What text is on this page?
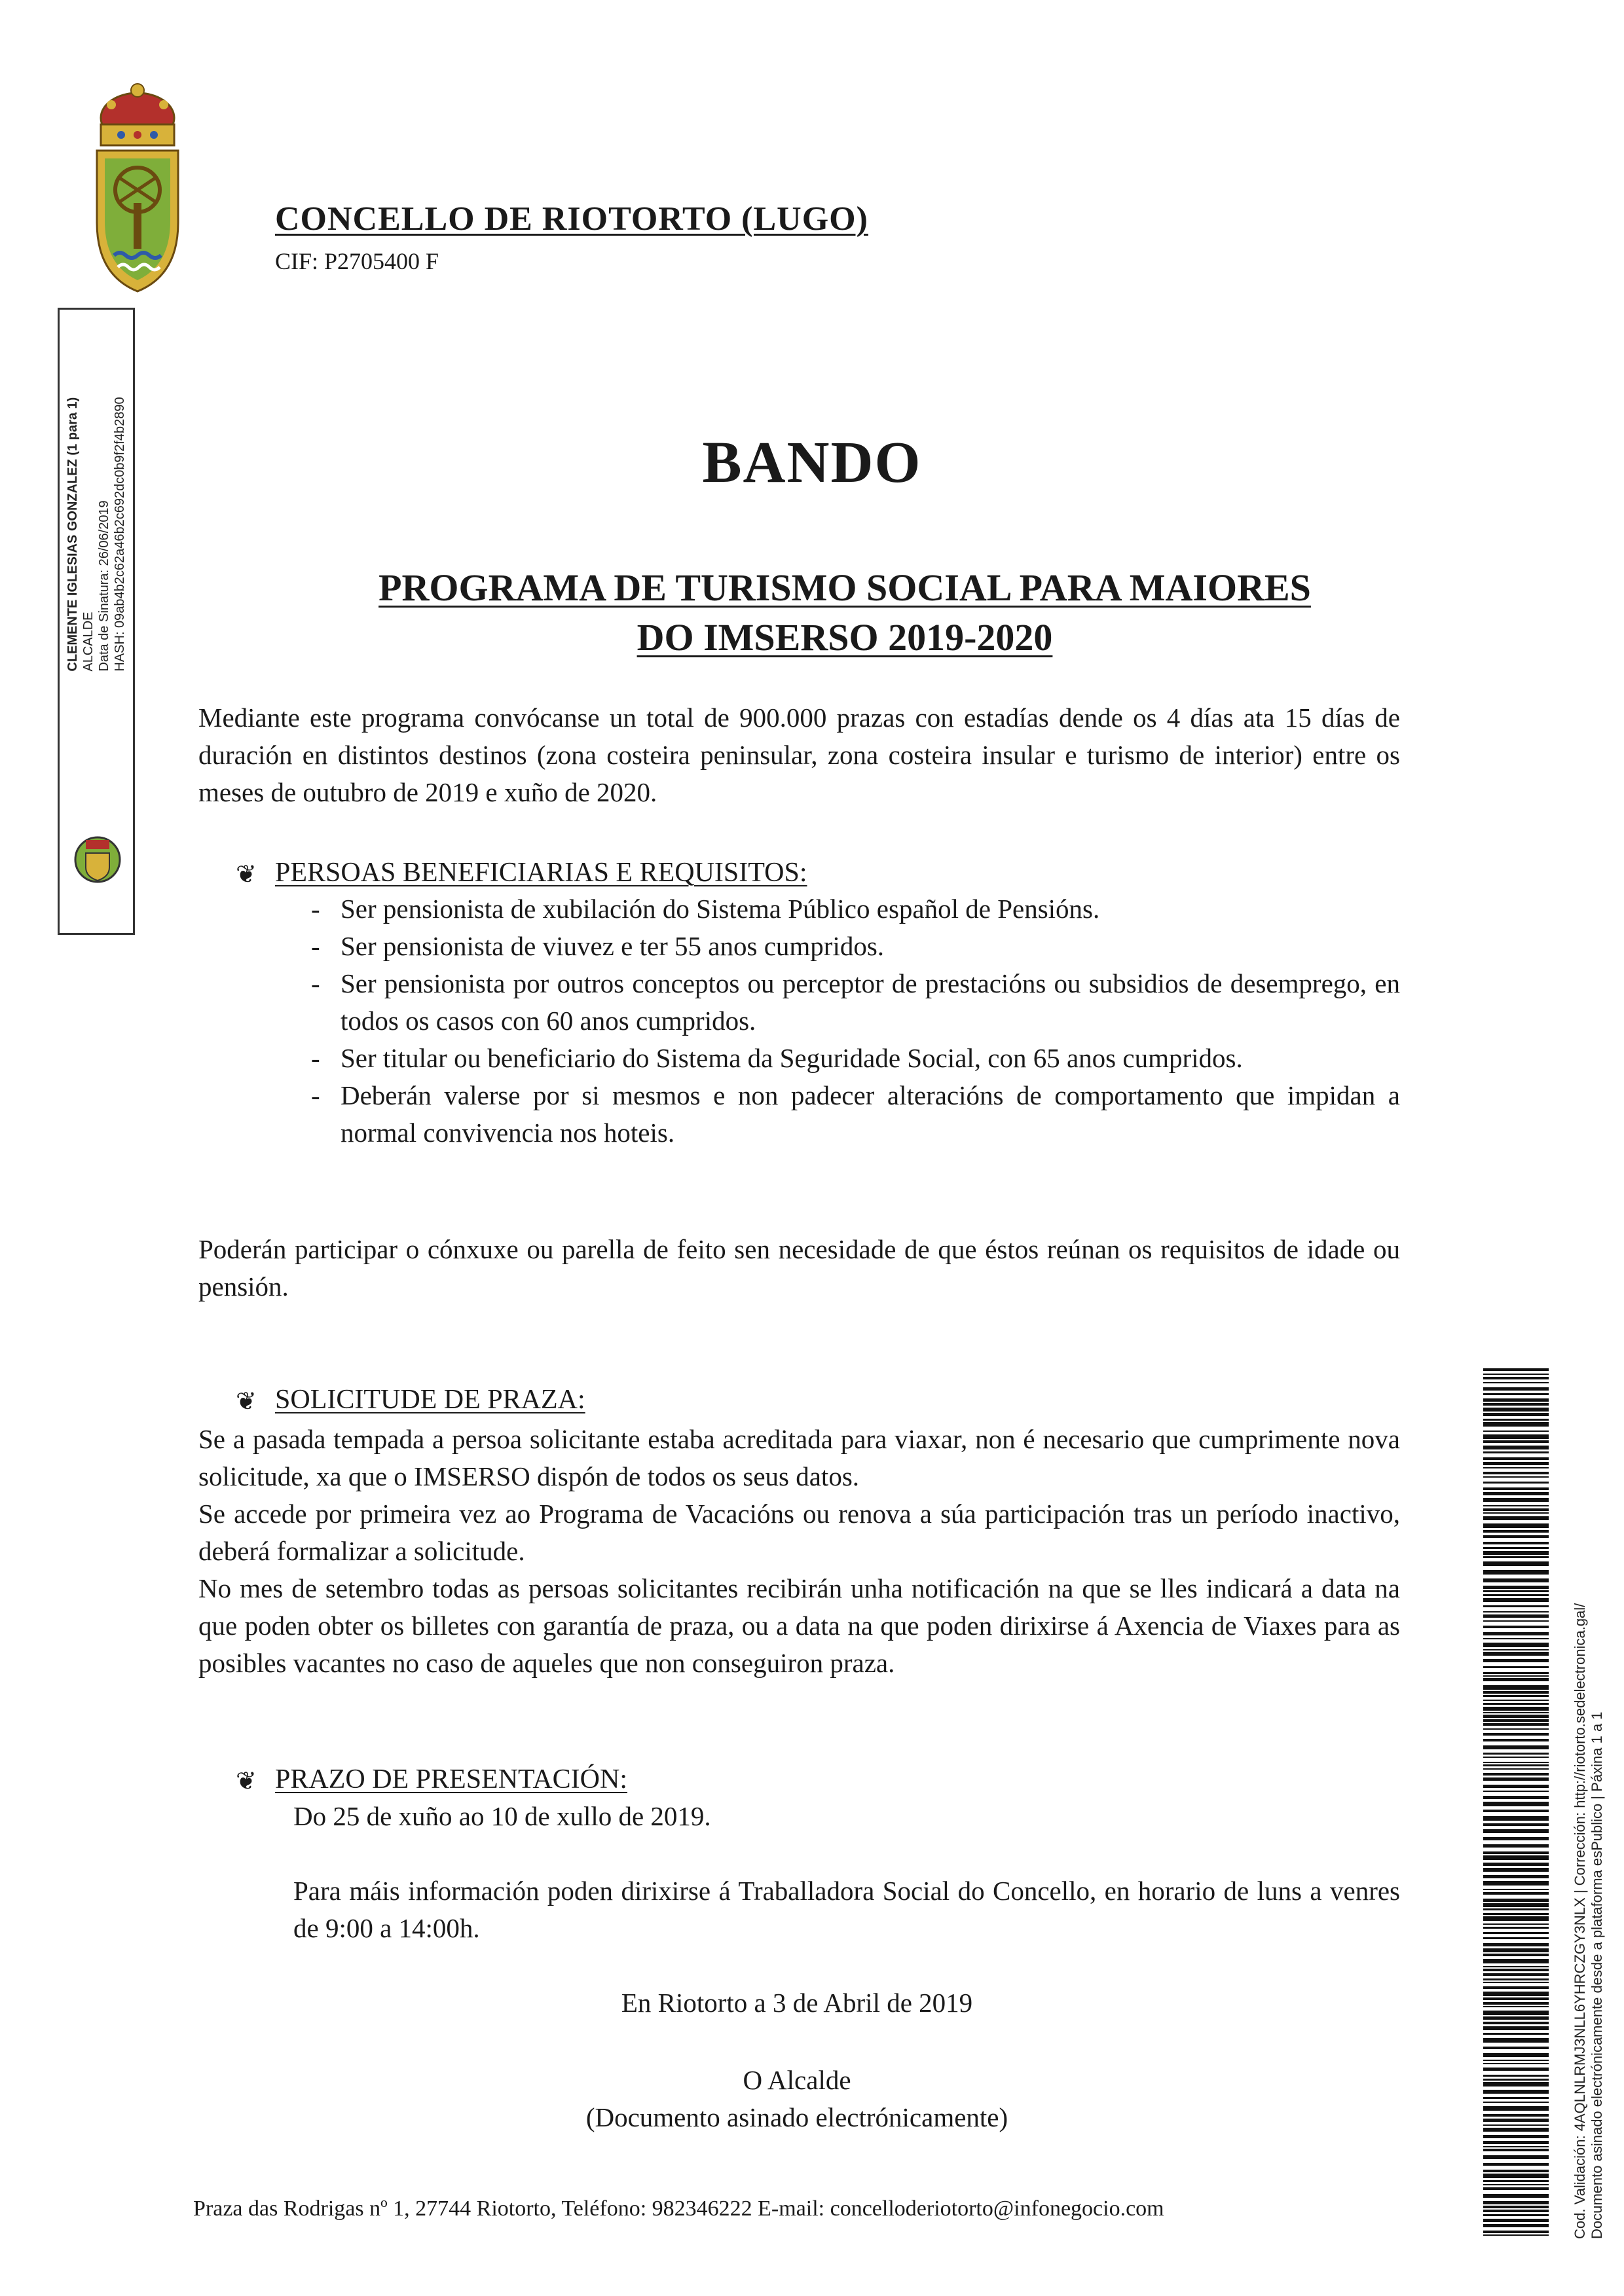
CONCELLO DE RIOTORTO (LUGO)
CIF: P2705400 F
CLEMENTE IGLESIAS GONZALEZ (1 para 1) ALCALDE Data de Sinatura: 26/06/2019 HASH: 09ab4b2c62a46b2c692dc0b9f2f4b2890	BANDO
PROGRAMA DE TURISMO SOCIAL PARA MAIORES
DO IMSERSO 2019-2020
Mediante este programa convócanse un total de 900.000 prazas con estadías dende os 4 días ata 15 días de duración en distintos destinos (zona costeira peninsular, zona costeira insular e turismo de interior) entre os meses de outubro de 2019 e xuño de 2020.
❦ PERSOAS BENEFICIARIAS E REQUISITOS:
- Ser pensionista de xubilación do Sistema Público español de Pensións.
- Ser pensionista de viuvez e ter 55 anos cumpridos.
- Ser pensionista por outros conceptos ou perceptor de prestacións ou subsidios de desemprego, en todos os casos con 60 anos cumpridos.
- Ser titular ou beneficiario do Sistema da Seguridade Social, con 65 anos cumpridos.
- Deberán valerse por si mesmos e non padecer alteracións de comportamento que impidan a normal convivencia nos hoteis.
Poderán participar o cónxuxe ou parella de feito sen necesidade de que éstos reúnan os requisitos de idade ou pensión.
❦ SOLICITUDE DE PRAZA:

Se a pasada tempada a persoa solicitante estaba acreditada para viaxar, non é necesario que cumprimente nova solicitude, xa que o IMSERSO dispón de todos os seus datos.

Se accede por primeira vez ao Programa de Vacacións ou renova a súa participación tras un período inactivo, deberá formalizar a solicitude.

No mes de setembro todas as persoas solicitantes recibirán unha notificación na que se lles indicará a data na que poden obter os billetes con garantía de praza, ou a data na que poden dirixirse á Axencia de Viaxes para as posibles vacantes no caso de aqueles que non conseguiron praza.

❦ PRAZO DE PRESENTACIÓN:
Do 25 de xuño ao 10 de xullo de 2019.
Para máis información poden dirixirse á Traballadora Social do Concello, en horario de luns a venres de 9:00 a 14:00h.
En Riotorto a 3 de Abril de 2019
O Alcalde
(Documento asinado electrónicamente)
Praza das Rodrigas nº 1, 27744 Riotorto, Teléfono: 982346222 E-mail: concelloderiotorto@infonegocio.com	Cod. Validación: 4AQLNLRMJ3NLL6YHRCZGY3NLX | Corrección: http://riotorto.sedelectronica.gal/ Documento asinado electrónicamente desde a plataforma esPublico | Páxina 1 a 1
